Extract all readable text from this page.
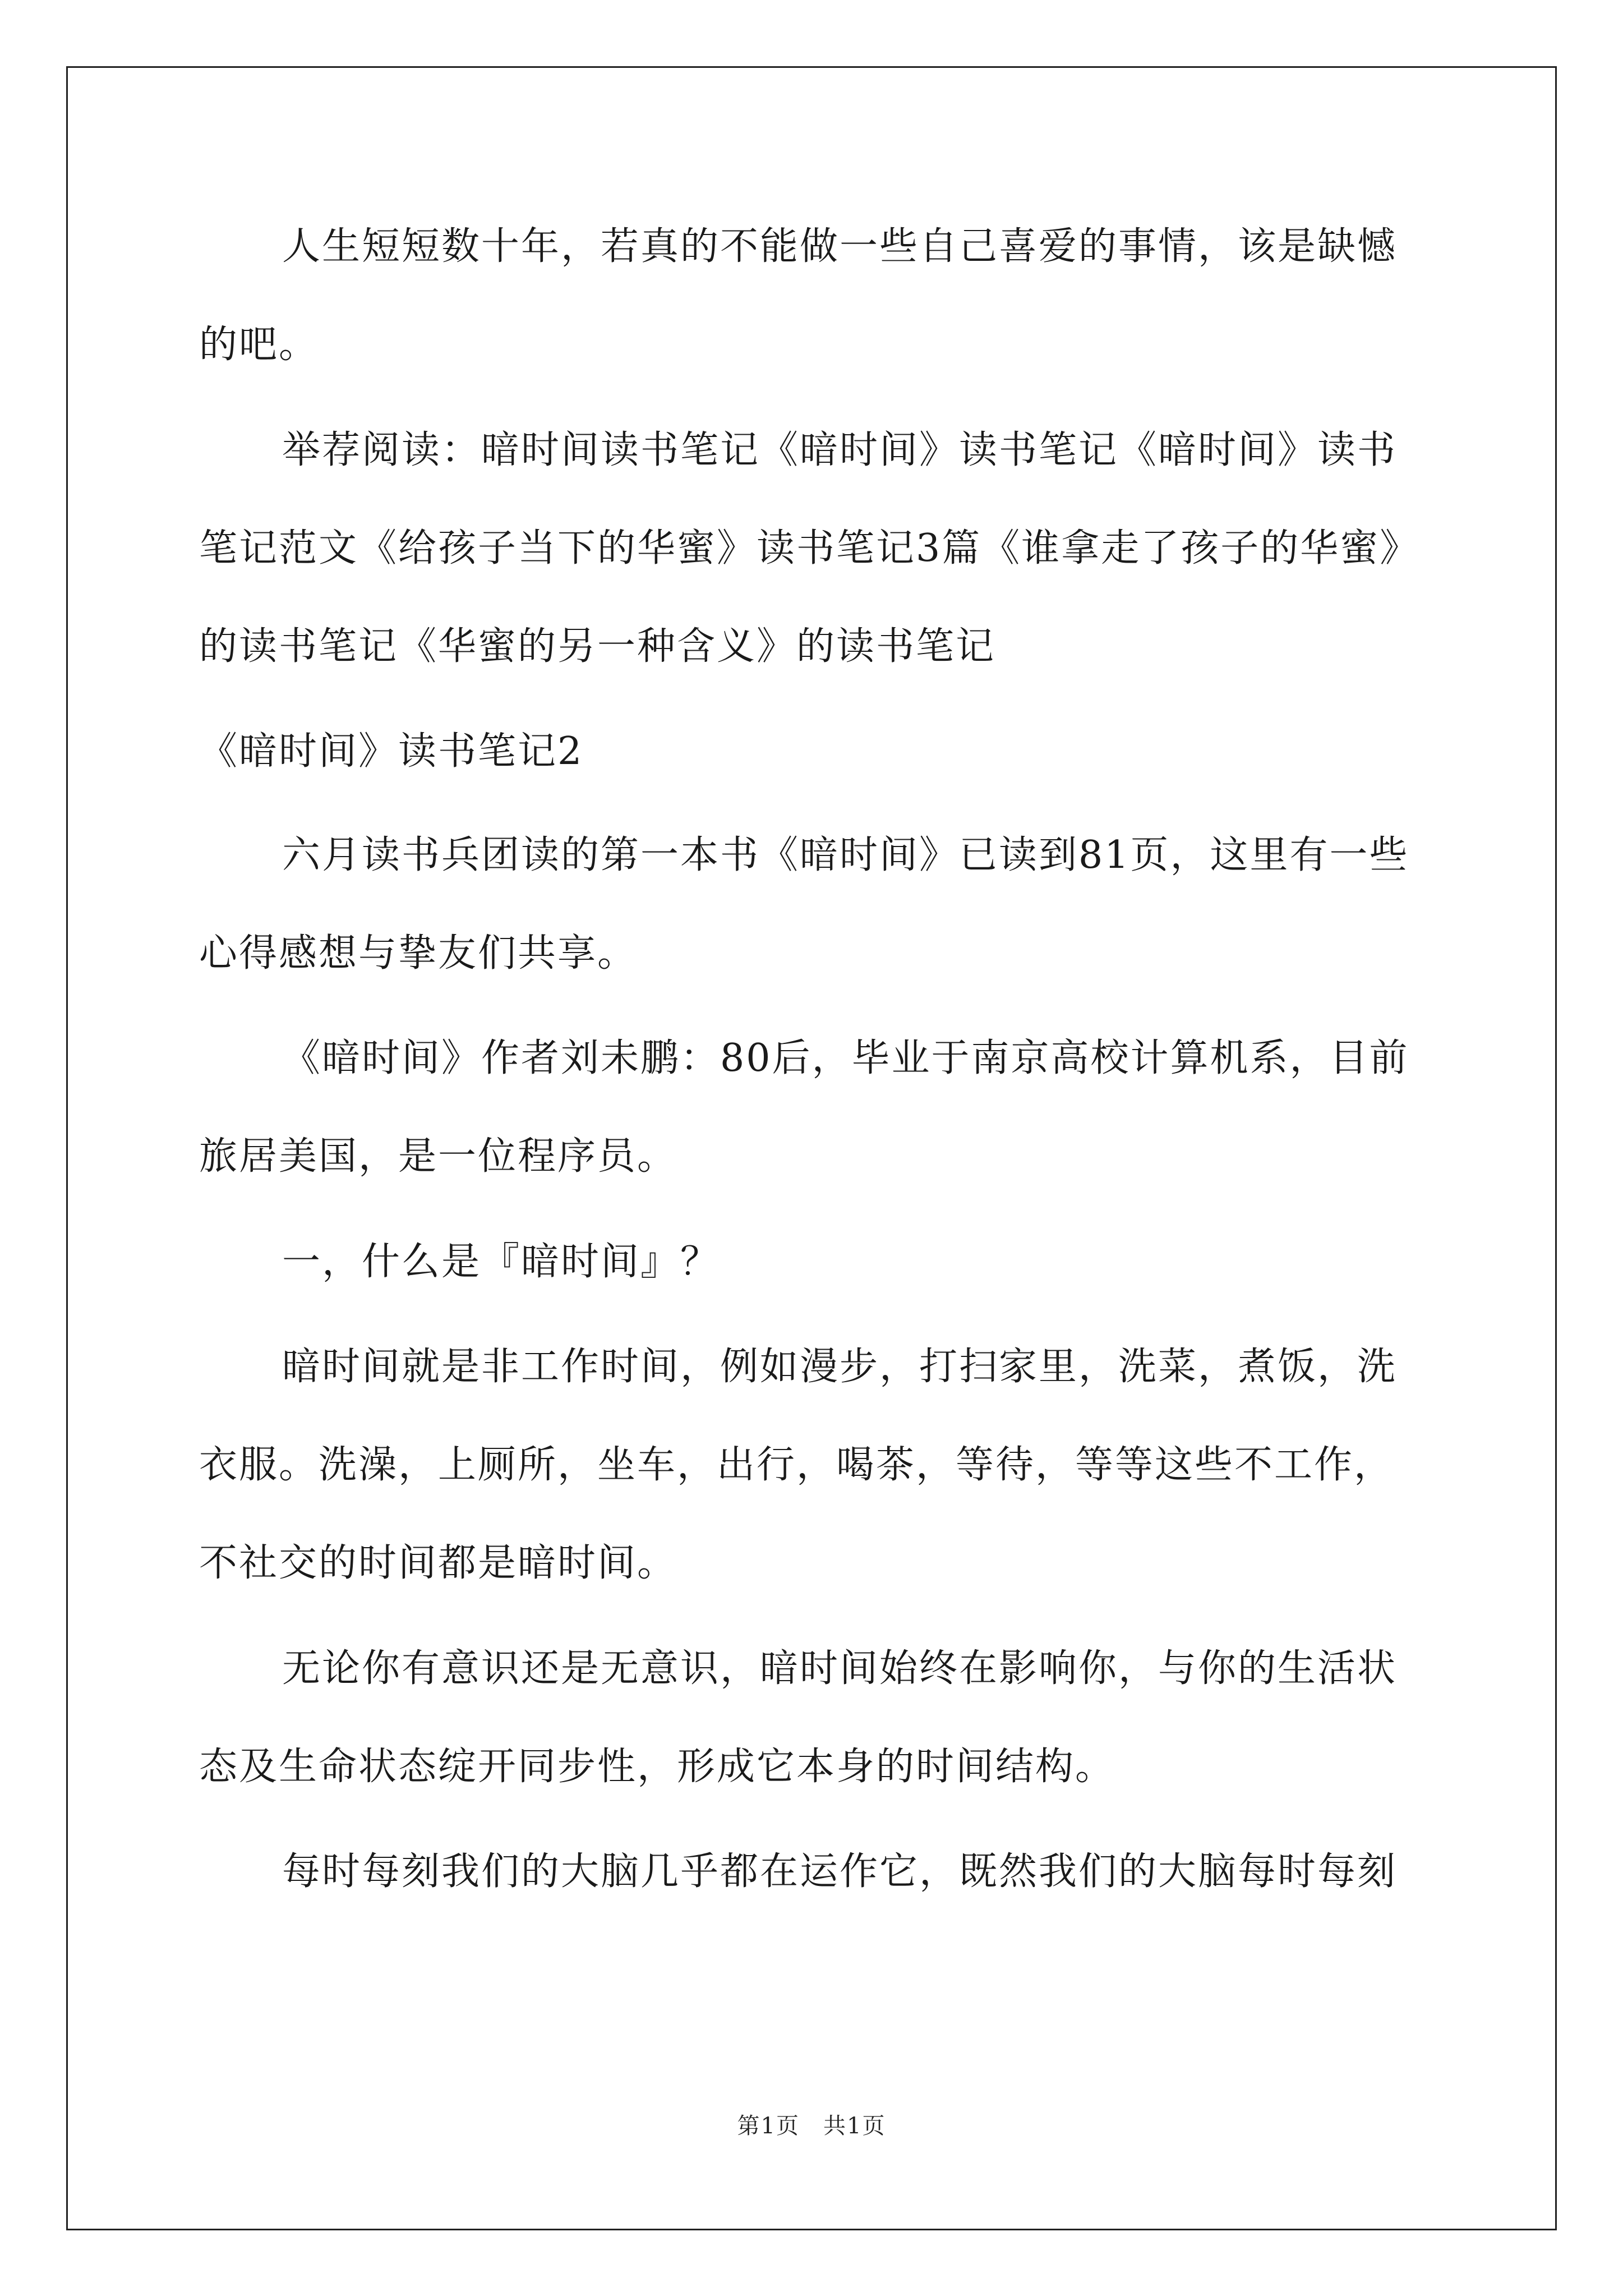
人生短短数十年，若真的不能做一些自己喜爱的事情，该是缺憾
的吧。
举荐阅读：暗时间读书笔记《暗时间》读书笔记《暗时间》读书
笔记范文《给孩子当下的华蜜》读书笔记3篇《谁拿走了孩子的华蜜》
的读书笔记《华蜜的另一种含义》的读书笔记
《暗时间》读书笔记2
六月读书兵团读的第一本书《暗时间》已读到81页，这里有一些
心得感想与挚友们共享。
《暗时间》作者刘未鹏：80后，毕业于南京高校计算机系，目前
旅居美国，是一位程序员。
一，什么是『暗时间』？
暗时间就是非工作时间，例如漫步，打扫家里，洗菜，煮饭，洗
衣服。洗澡，上厕所，坐车，出行，喝茶，等待，等等这些不工作，
不社交的时间都是暗时间。
无论你有意识还是无意识，暗时间始终在影响你，与你的生活状
态及生命状态绽开同步性，形成它本身的时间结构。
每时每刻我们的大脑几乎都在运作它，既然我们的大脑每时每刻
第1页　共1页
